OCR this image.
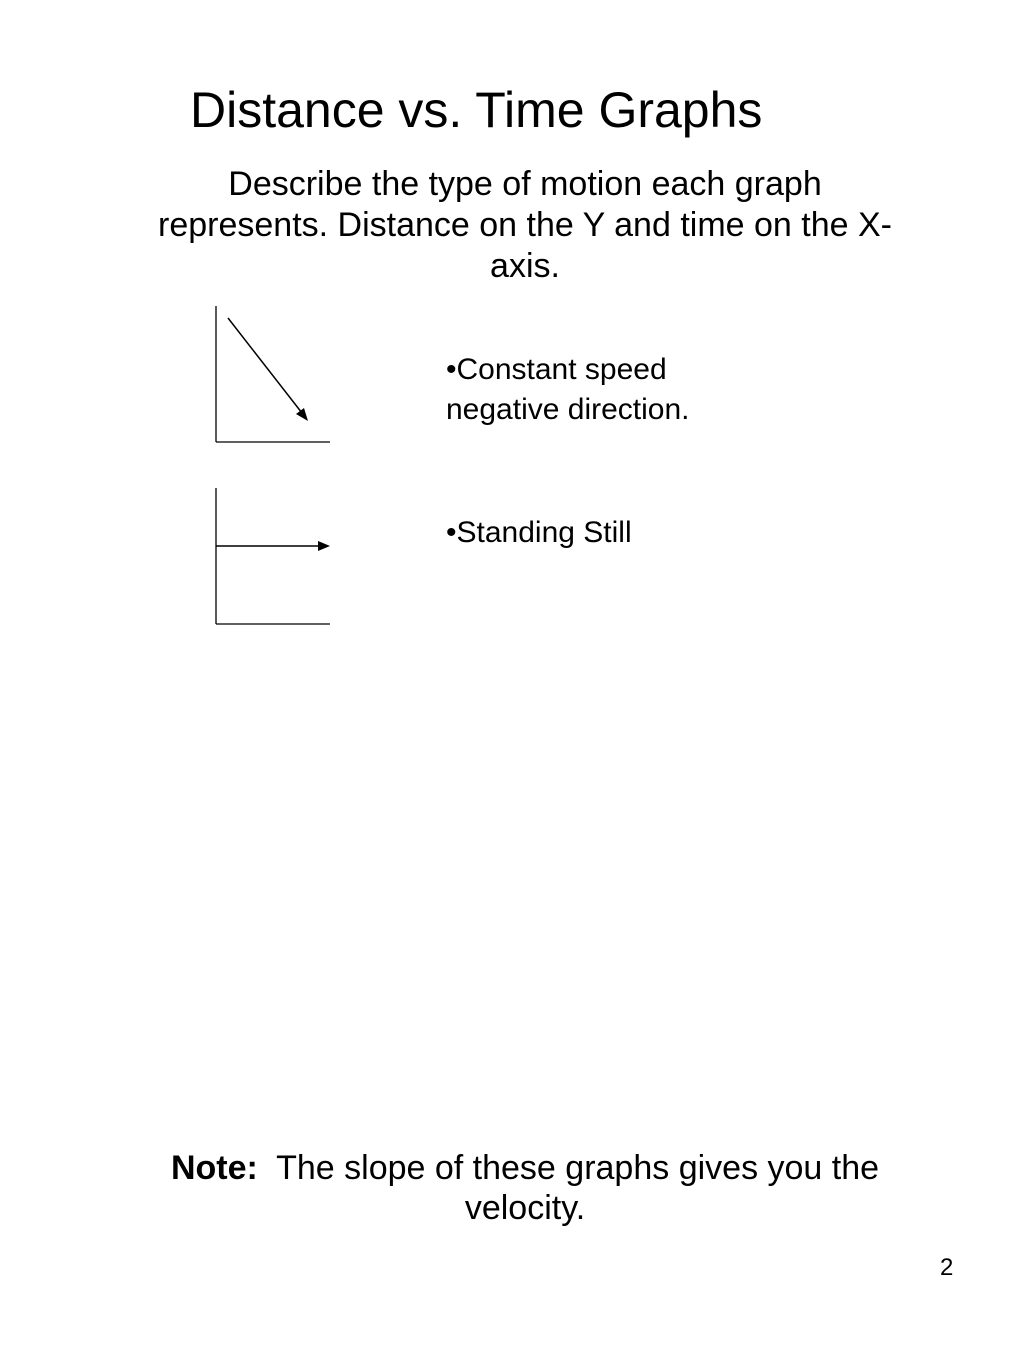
Distance vs. Time Graphs
Describe the type of motion each graph represents. Distance on the Y and time on the X-axis.
•Constant speed
negative direction.
•Standing Still
Note: The slope of these graphs gives you the velocity.
2
